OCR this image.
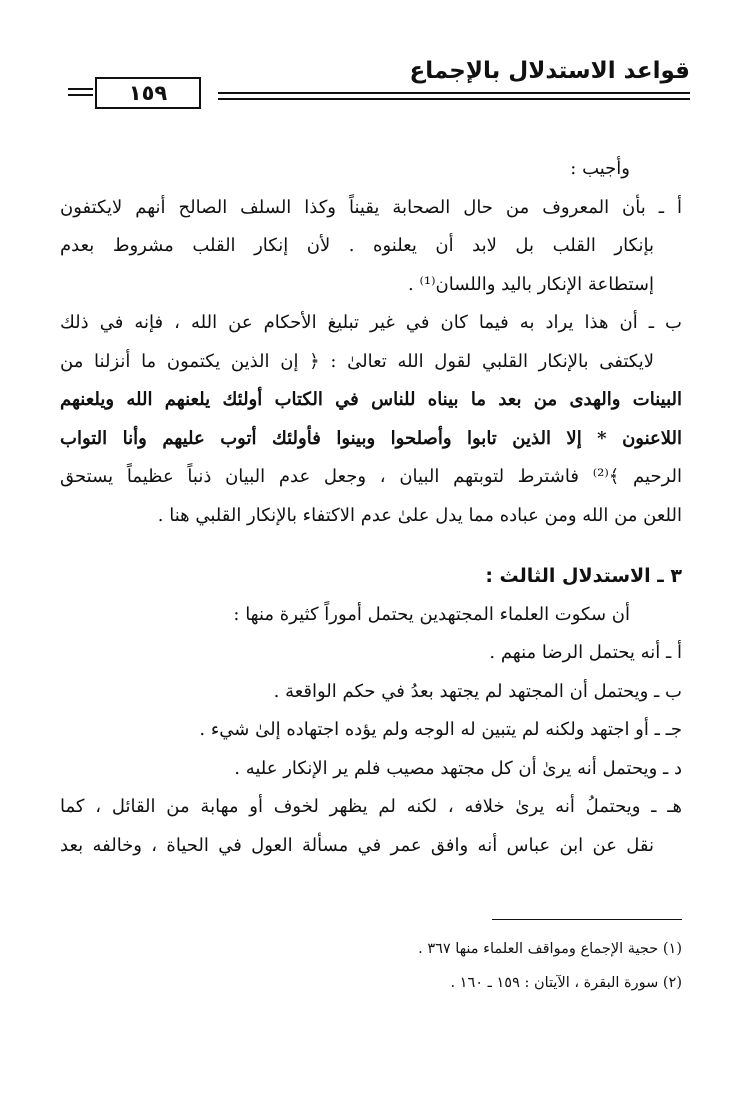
قواعد الاستدلال بالإجماع
١٥٩
وأجيب :
أ ـ بأن المعروف من حال الصحابة يقيناً وكذا السلف الصالح أنهم لايكتفون
بإنكار القلب بل لابد أن يعلنوه . لأن إنكار القلب مشروط بعدم
إستطاعة الإنكار باليد واللسان⁽¹⁾ .
ب ـ أن هذا يراد به فيما كان في غير تبليغ الأحكام عن الله ، فإنه في ذلك
لايكتفى بالإنكار القلبي لقول الله تعالىٰ : ﴿ إن الذين يكتمون ما أنزلنا من
البينات والهدى من بعد ما بيناه للناس في الكتاب أولئك يلعنهم الله ويلعنهم
اللاعنون * إلا الذين تابوا وأصلحوا وبينوا فأولئك أتوب عليهم وأنا التواب
الرحيم ﴾⁽²⁾ فاشترط لتوبتهم البيان ، وجعل عدم البيان ذنباً عظيماً يستحق
اللعن من الله ومن عباده مما يدل علىٰ عدم الاكتفاء بالإنكار القلبي هنا .
٣ ـ الاستدلال الثالث :
أن سكوت العلماء المجتهدين يحتمل أموراً كثيرة منها :
أ ـ أنه يحتمل الرضا منهم .
ب ـ ويحتمل أن المجتهد لم يجتهد بعدُ في حكم الواقعة .
جـ ـ أو اجتهد ولكنه لم يتبين له الوجه ولم يؤده اجتهاده إلىٰ شيء .
د ـ ويحتمل أنه يرىٰ أن كل مجتهد مصيب فلم ير الإنكار عليه .
هـ ـ ويحتملُ أنه يرىٰ خلافه ، لكنه لم يظهر لخوف أو مهابة من القائل ، كما
نقل عن ابن عباس أنه وافق عمر في مسألة العول في الحياة ، وخالفه بعد
(١) حجية الإجماع ومواقف العلماء منها ٣٦٧ .
(٢) سورة البقرة ، الآيتان : ١٥٩ ـ ١٦٠ .
